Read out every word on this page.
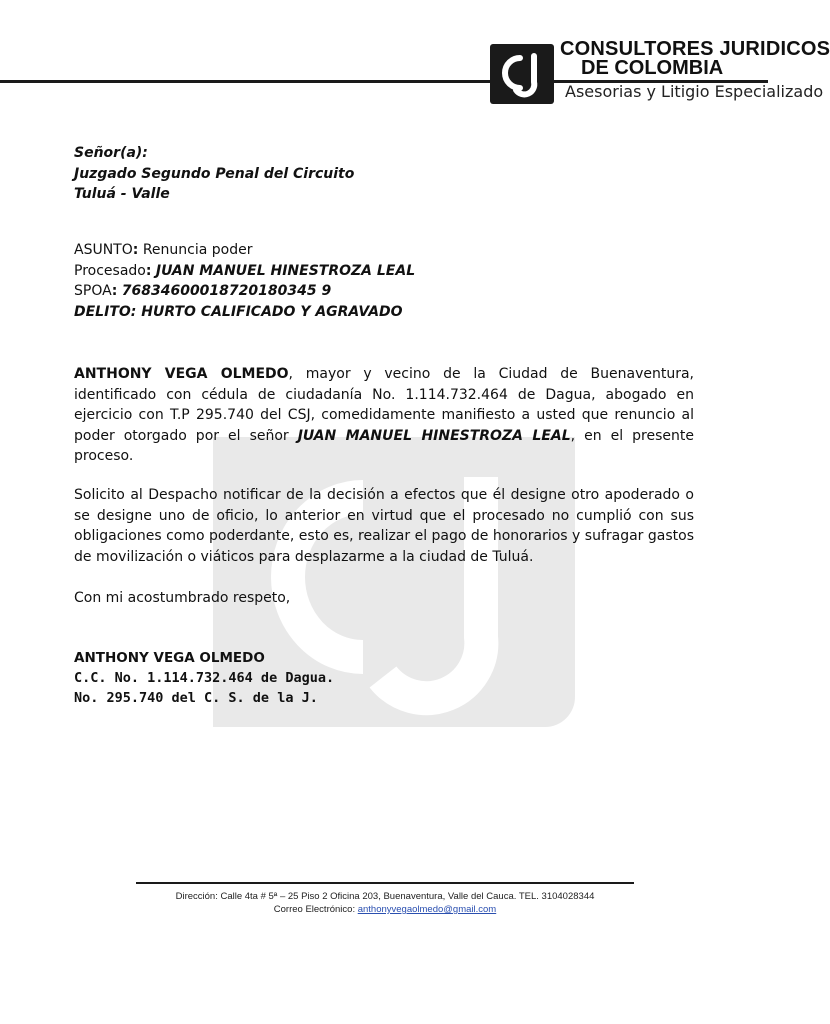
CONSULTORES JURIDICOS
DE COLOMBIA
Asesorias y Litigio Especializado
Señor(a):
Juzgado Segundo Penal del Circuito
Tuluá - Valle
ASUNTO: Renuncia poder
Procesado: JUAN MANUEL HINESTROZA LEAL
SPOA: 76834600018720180345 9
DELITO: HURTO CALIFICADO Y AGRAVADO
ANTHONY VEGA OLMEDO, mayor y vecino de la Ciudad de Buenaventura, identificado con cédula de ciudadanía No. 1.114.732.464 de Dagua, abogado en ejercicio con T.P 295.740 del CSJ, comedidamente manifiesto a usted que renuncio al poder otorgado por el señor JUAN MANUEL HINESTROZA LEAL, en el presente proceso.
Solicito al Despacho notificar de la decisión a efectos que él designe otro apoderado o se designe uno de oficio, lo anterior en virtud que el procesado no cumplió con sus obligaciones como poderdante, esto es, realizar el pago de honorarios y sufragar gastos de movilización o viáticos para desplazarme a la ciudad de Tuluá.
Con mi acostumbrado respeto,
ANTHONY VEGA OLMEDO
C.C. No. 1.114.732.464 de Dagua.
No. 295.740 del C. S. de la J.
Dirección: Calle 4ta # 5ª – 25 Piso 2 Oficina 203, Buenaventura, Valle del Cauca. TEL. 3104028344
Correo Electrónico: anthonyvegaolmedo@gmail.com
